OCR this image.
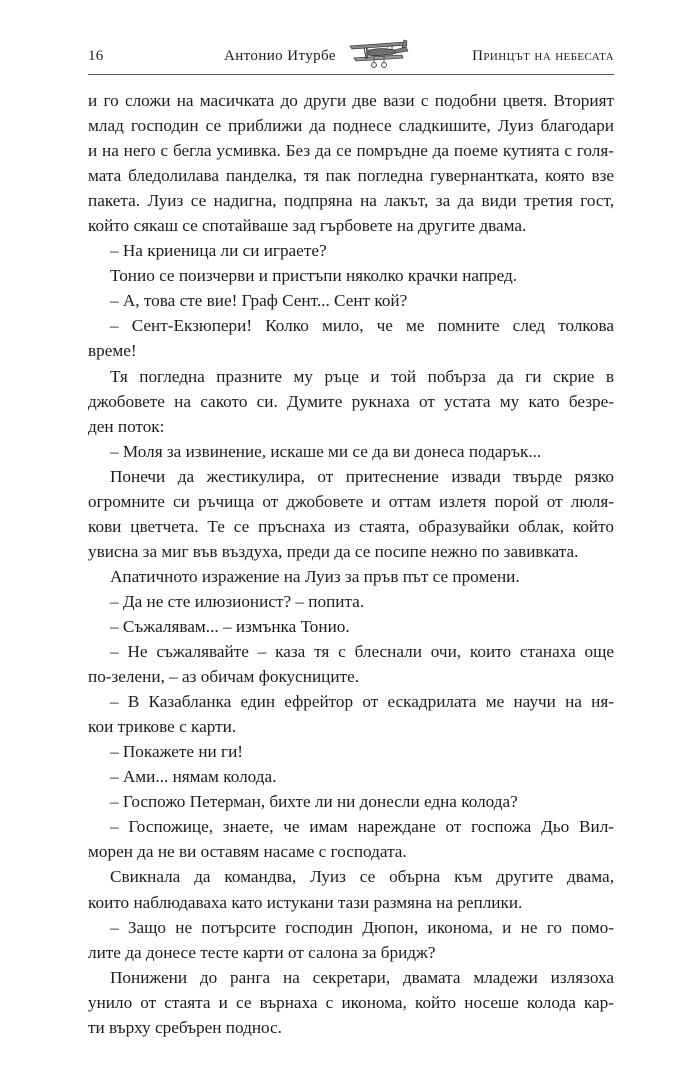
16	Антонио Итурбе	Принцът на небесата
и го сложи на масичката до други две вази с подобни цветя. Вторият
млад господин се приближи да поднесе сладкишите, Луиз благодари
и на него с бегла усмивка. Без да се помръдне да поеме кутията с голя-
мата бледолилава панделка, тя пак погледна гувернантката, която взе
пакета. Луиз се надигна, подпряна на лакът, за да види третия гост,
който сякаш се спотайваше зад гърбовете на другите двама.
– На криеница ли си играете?
Тонио се поизчерви и пристъпи няколко крачки напред.
– А, това сте вие! Граф Сент... Сент кой?
– Сент-Екзюпери! Колко мило, че ме помните след толкова
време!
Тя погледна празните му ръце и той побърза да ги скрие в
джобовете на сакото си. Думите рукнаха от устата му като безре-
ден поток:
– Моля за извинение, искаше ми се да ви донеса подарък...
Понечи да жестикулира, от притеснение извади твърде рязко
огромните си ръчища от джобовете и оттам излетя порой от люля-
кови цветчета. Те се пръснаха из стаята, образувайки облак, който
увисна за миг във въздуха, преди да се посипе нежно по завивката.
Апатичното изражение на Луиз за пръв път се промени.
– Да не сте илюзионист? – попита.
– Съжалявам... – измънка Тонио.
– Не съжалявайте – каза тя с блеснали очи, които станаха още
по-зелени, – аз обичам фокусниците.
– В Казабланка един ефрейтор от ескадрилата ме научи на ня-
кои трикове с карти.
– Покажете ни ги!
– Ами... нямам колода.
– Госпожо Петерман, бихте ли ни донесли една колода?
– Госпожице, знаете, че имам нареждане от госпожа Дьо Вил-
морен да не ви оставям насаме с господата.
Свикнала да командва, Луиз се обърна към другите двама,
които наблюдаваха като истукани тази размяна на реплики.
– Защо не потърсите господин Дюпон, иконома, и не го помо-
лите да донесе тесте карти от салона за бридж?
Понижени до ранга на секретари, двамата младежи излязоха
унило от стаята и се върнаха с иконома, който носеше колода кар-
ти върху сребърен поднос.
